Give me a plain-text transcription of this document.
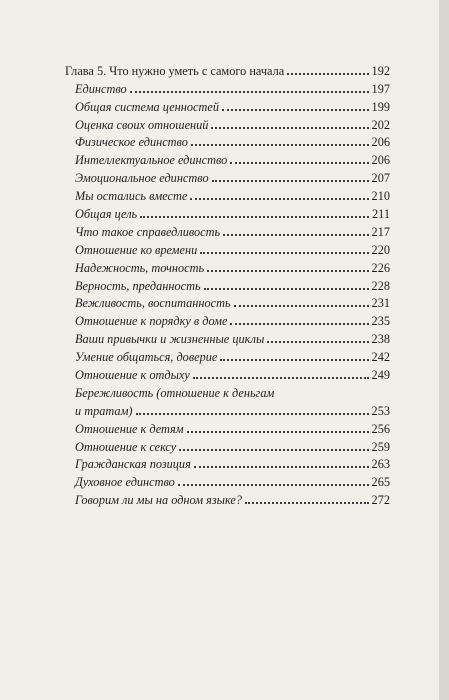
Глава 5. Что нужно уметь с самого начала	192
Единство	197
Общая система ценностей	199
Оценка своих отношений	202
Физическое единство	206
Интеллектуальное единство	206
Эмоциональное единство	207
Мы остались вместе	210
Общая цель	211
Что такое справедливость	217
Отношение ко времени	220
Надежность, точность	226
Верность, преданность	228
Вежливость, воспитанность	231
Отношение к порядку в доме	235
Ваши привычки и жизненные циклы	238
Умение общаться, доверие	242
Отношение к отдыху	249
Бережливость (отношение к деньгам
и тратам)	253
Отношение к детям	256
Отношение к сексу	259
Гражданская позиция	263
Духовное единство	265
Говорим ли мы на одном языке?	272
